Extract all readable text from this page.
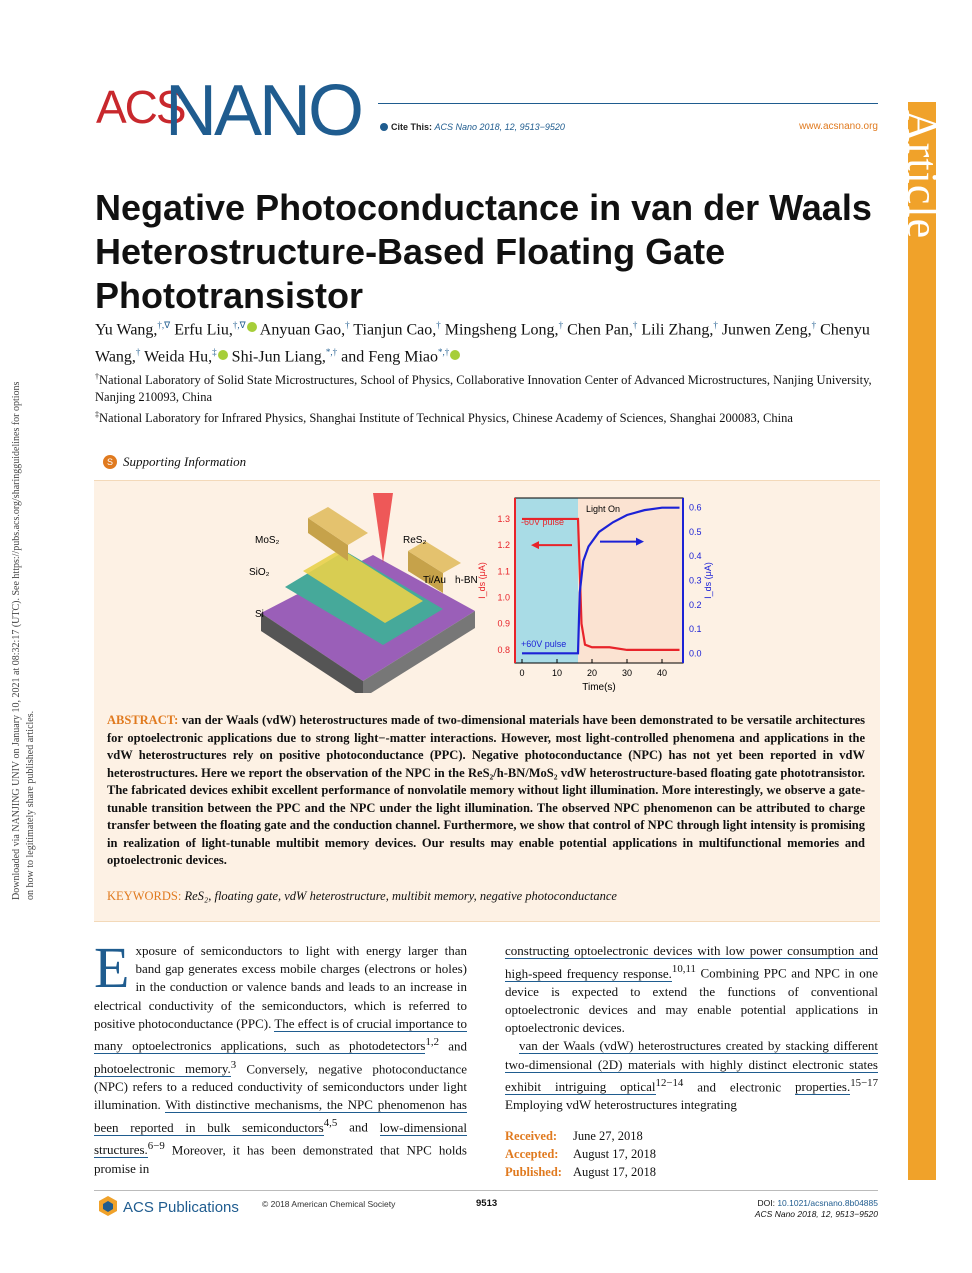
ACS
NANO	Cite This: ACS Nano 2018, 12, 9513−9520	www.acsnano.org Article
Downloaded via NANJING UNIV on January 10, 2021 at 08:32:17 (UTC). See https://pubs.acs.org/sharingguidelines for options on how to legitimately share published articles.
Negative Photoconductance in van der Waals Heterostructure-Based Floating Gate Phototransistor
Yu Wang,†,∇ Erfu Liu,†,∇ Anyuan Gao,† Tianjun Cao,† Mingsheng Long,† Chen Pan,† Lili Zhang,† Junwen Zeng,† Chenyu Wang,† Weida Hu,‡ Shi-Jun Liang,*,† and Feng Miao*,†
†National Laboratory of Solid State Microstructures, School of Physics, Collaborative Innovation Center of Advanced Microstructures, Nanjing University, Nanjing 210093, China
‡National Laboratory for Infrared Physics, Shanghai Institute of Technical Physics, Chinese Academy of Sciences, Shanghai 200083, China
S Supporting Information
MoS₂	ReS₂
SiO₂
Ti/Au h-BN
Si
0	10	20	30	40
Time(s)
0.8
0.9
1.0
1.1
1.2
1.3
0.0
0.1
0.2
0.3
0.4
0.5
0.6
I_ds (μA)	I_ds (μA)
-60V pulse
+60V pulse
Light On
ABSTRACT: van der Waals (vdW) heterostructures made of two-dimensional materials have been demonstrated to be versatile architectures for optoelectronic applications due to strong light−-matter interactions. However, most light-controlled phenomena and applications in the vdW heterostructures rely on positive photoconductance (PPC). Negative photoconductance (NPC) has not yet been reported in vdW heterostructures. Here we report the observation of the NPC in the ReS₂/h-BN/MoS₂ vdW heterostructure-based floating gate phototransistor. The fabricated devices exhibit excellent performance of nonvolatile memory without light illumination. More interestingly, we observe a gate-tunable transition between the PPC and the NPC under the light illumination. The observed NPC phenomenon can be attributed to charge transfer between the floating gate and the conduction channel. Furthermore, we show that control of NPC through light intensity is promising in realization of light-tunable multibit memory devices. Our results may enable potential applications in multifunctional memories and optoelectronic devices.
KEYWORDS: ReS₂, floating gate, vdW heterostructure, multibit memory, negative photoconductance
Exposure of semiconductors to light with energy larger than band gap generates excess mobile charges (electrons or holes) in the conduction or valence bands and leads to an increase in electrical conductivity of the semiconductors, which is referred to positive photoconductance (PPC). The effect is of crucial importance to many optoelectronics applications, such as photodetectors$^{1,2}$ and photoelectronic memory.$^3$ Conversely, negative photoconductance (NPC) refers to a reduced conductivity of semiconductors under light illumination. With distinctive mechanisms, the NPC phenomenon has been reported in bulk semiconductors$^{4,5}$ and low-dimensional structures.$^{6-9}$ Moreover, it has been demonstrated that NPC holds promise in
constructing optoelectronic devices with low power consumption and high-speed frequency response.$^{10,11}$ Combining PPC and NPC in one device is expected to extend the functions of conventional optoelectronic devices and may enable potential applications in optoelectronic devices.
van der Waals (vdW) heterostructures created by stacking different two-dimensional (2D) materials with highly distinct electronic states exhibit intriguing optical$^{12-14}$ and electronic properties.$^{15-17}$ Employing vdW heterostructures integrating
Received: June 27, 2018
Accepted: August 17, 2018
Published: August 17, 2018
ACS Publications	© 2018 American Chemical Society	9513	DOI: 10.1021/acsnano.8b04885
ACS Nano 2018, 12, 9513−9520
